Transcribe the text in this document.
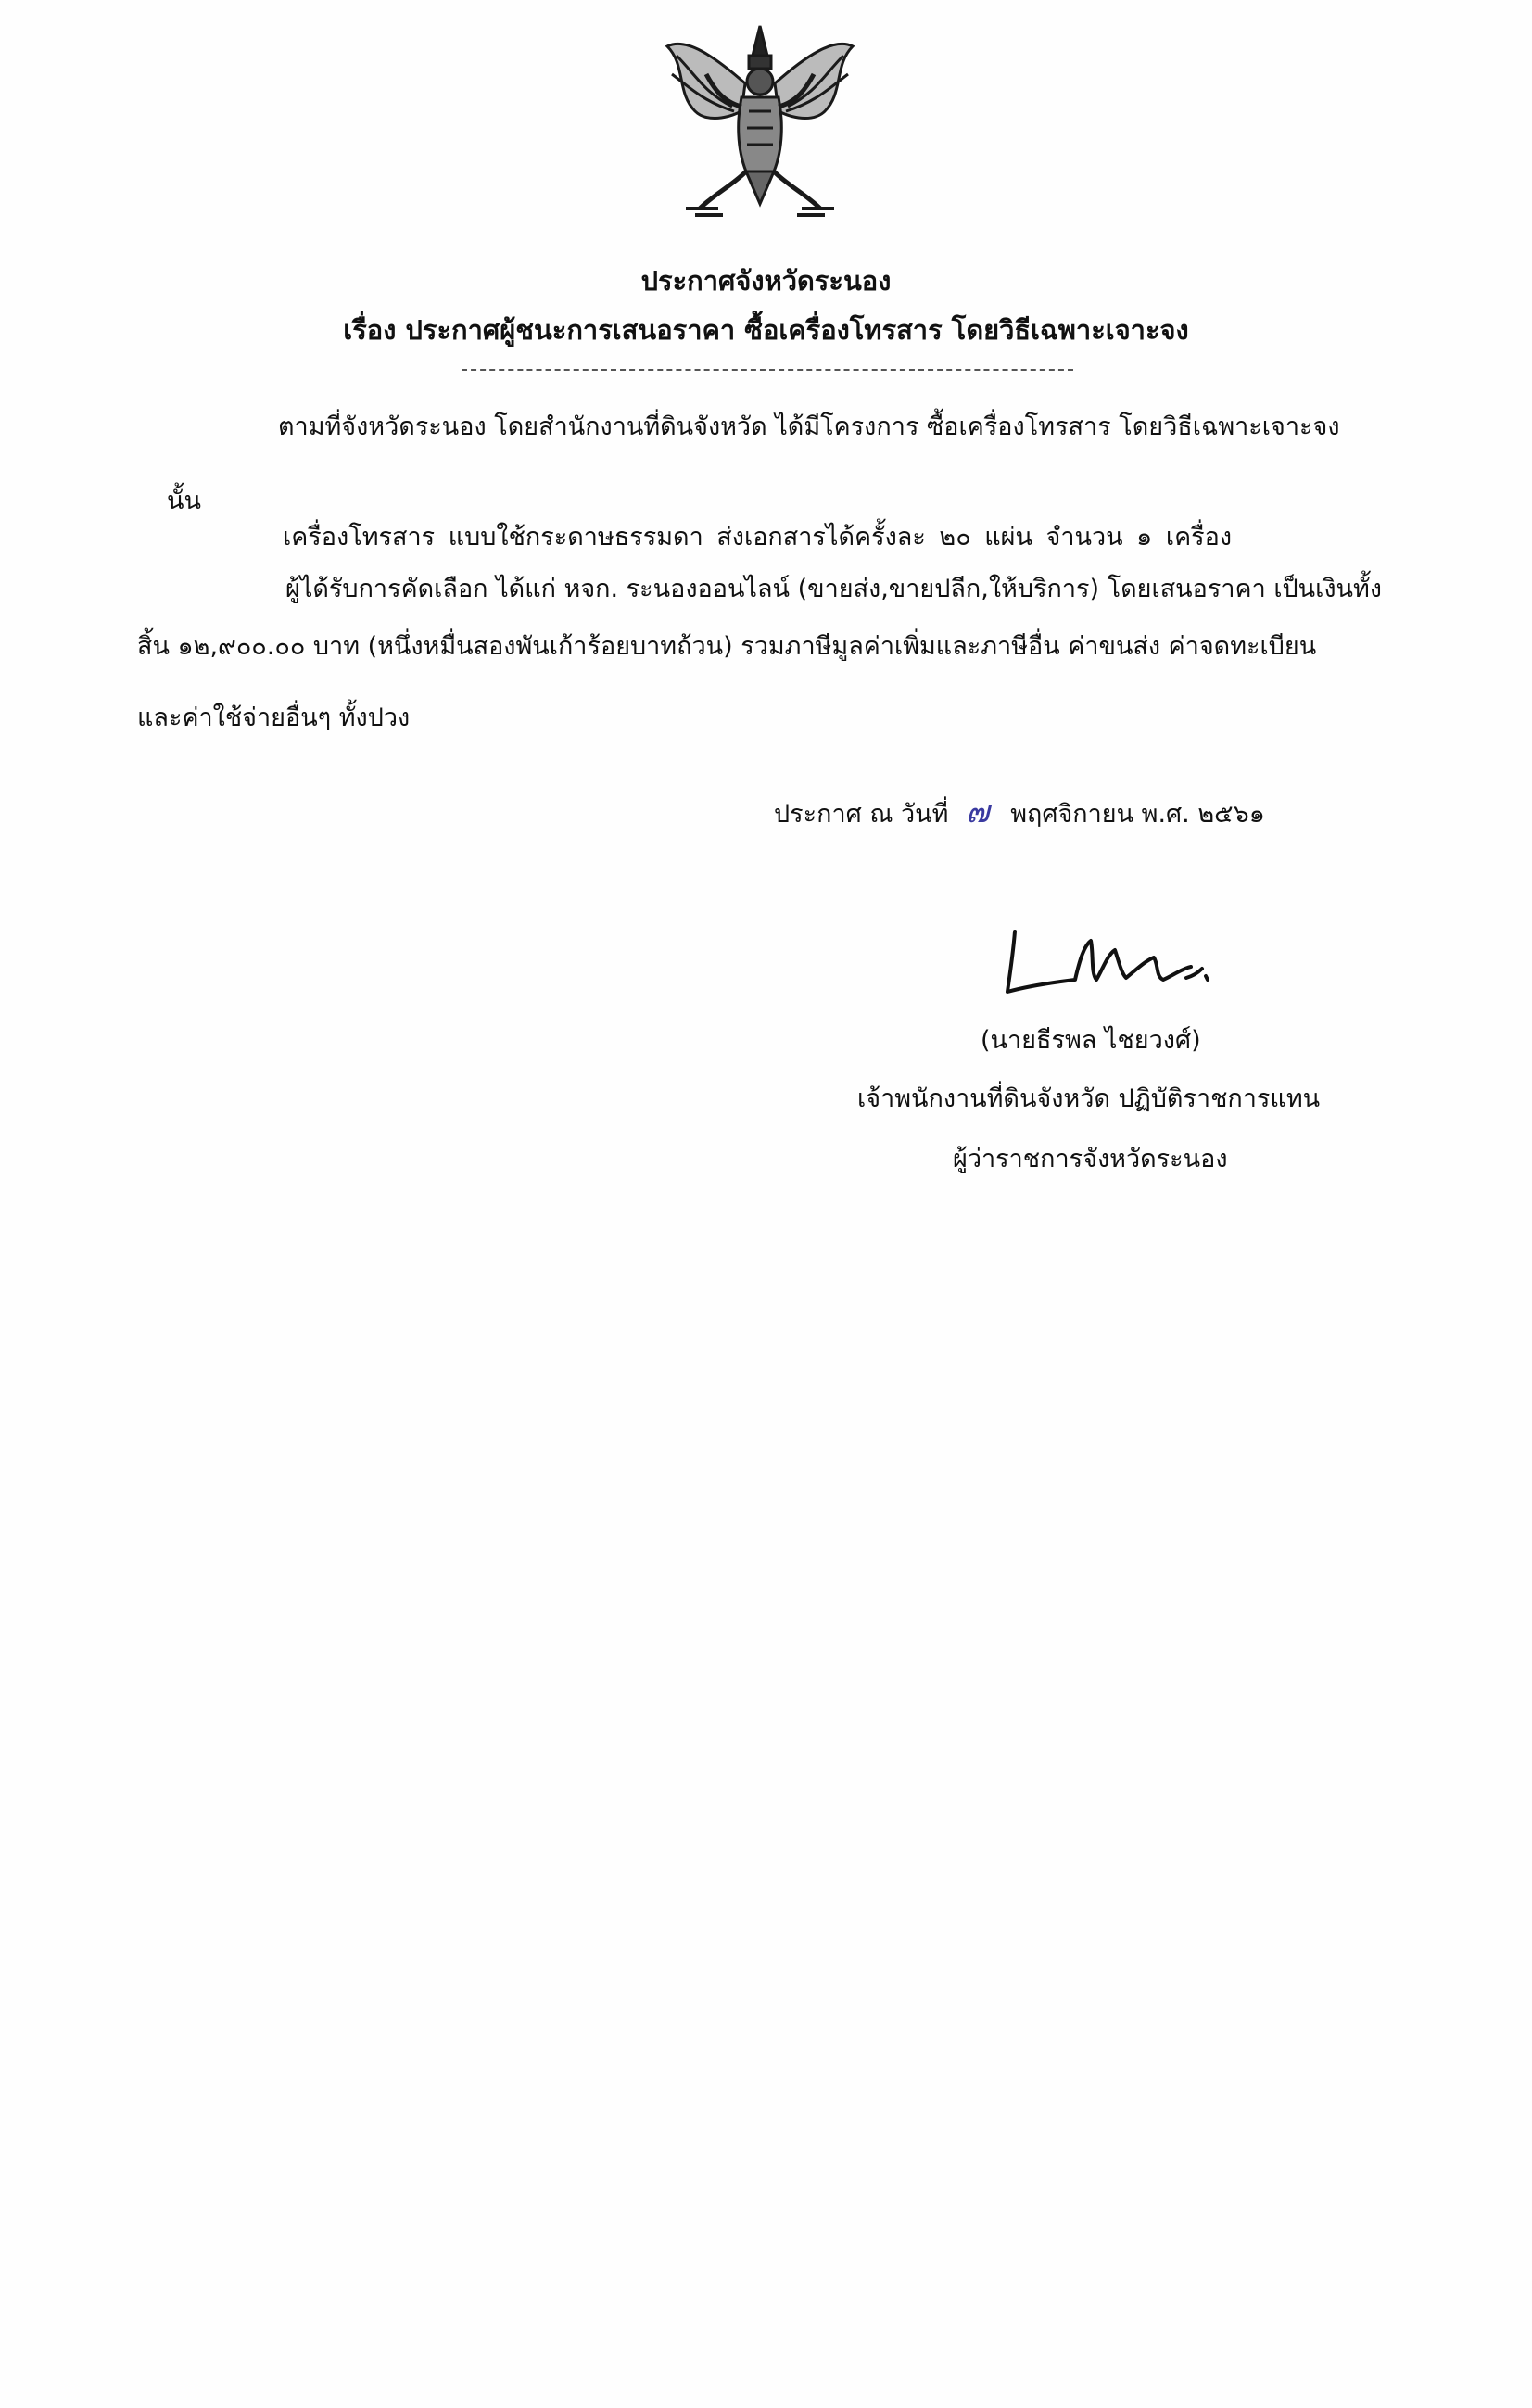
ประกาศจังหวัดระนอง
เรื่อง ประกาศผู้ชนะการเสนอราคา ซื้อเครื่องโทรสาร โดยวิธีเฉพาะเจาะจง
ตามที่จังหวัดระนอง โดยสำนักงานที่ดินจังหวัด ได้มีโครงการ ซื้อเครื่องโทรสาร โดยวิธีเฉพาะเจาะจง
นั้น
เครื่องโทรสาร แบบใช้กระดาษธรรมดา ส่งเอกสารได้ครั้งละ ๒๐ แผ่น จำนวน ๑ เครื่อง
ผู้ได้รับการคัดเลือก ได้แก่ หจก. ระนองออนไลน์ (ขายส่ง,ขายปลีก,ให้บริการ) โดยเสนอราคา เป็นเงินทั้ง
สิ้น ๑๒,๙๐๐.๐๐ บาท (หนึ่งหมื่นสองพันเก้าร้อยบาทถ้วน) รวมภาษีมูลค่าเพิ่มและภาษีอื่น ค่าขนส่ง ค่าจดทะเบียน
และค่าใช้จ่ายอื่นๆ ทั้งปวง
ประกาศ ณ วันที่ ๗ พฤศจิกายน พ.ศ. ๒๕๖๑
(นายธีรพล ไชยวงศ์)
เจ้าพนักงานที่ดินจังหวัด ปฏิบัติราชการแทน
ผู้ว่าราชการจังหวัดระนอง
